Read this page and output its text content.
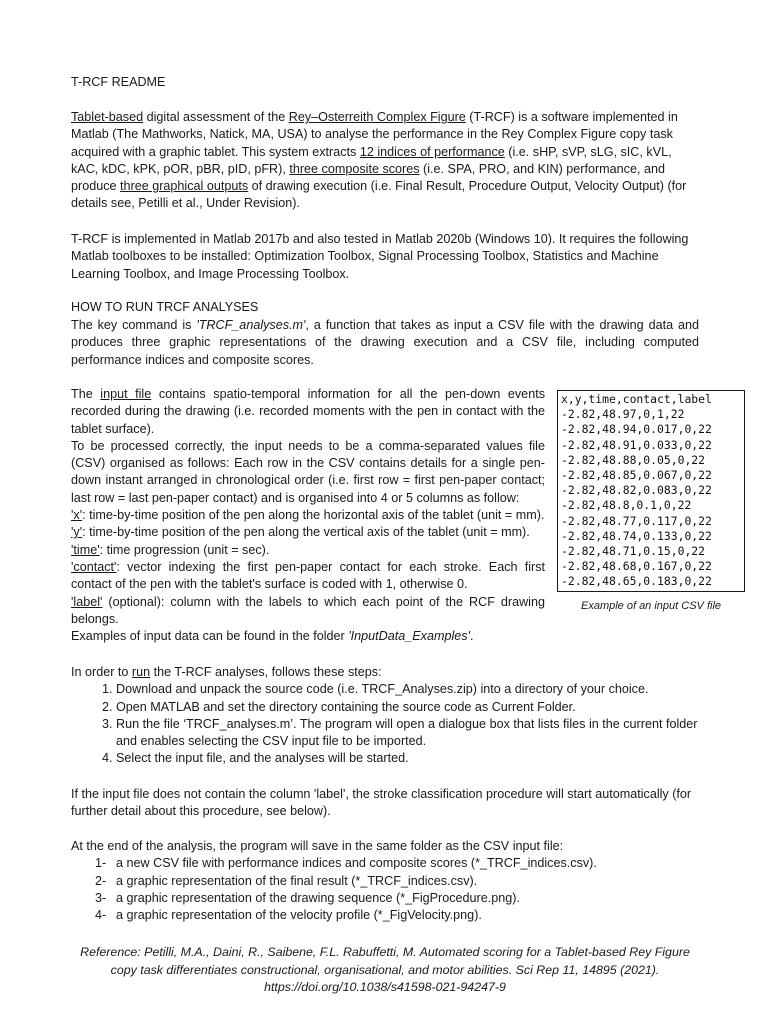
T-RCF README

Tablet-based digital assessment of the Rey–Osterreith Complex Figure (T-RCF) is a software implemented in Matlab (The Mathworks, Natick, MA, USA) to analyse the performance in the Rey Complex Figure copy task acquired with a graphic tablet. This system extracts 12 indices of performance (i.e. sHP, sVP, sLG, sIC, kVL, kAC, kDC, kPK, pOR, pBR, pID, pFR), three composite scores (i.e. SPA, PRO, and KIN) performance, and produce three graphical outputs of drawing execution (i.e. Final Result, Procedure Output, Velocity Output) (for details see, Petilli et al., Under Revision).

T-RCF is implemented in Matlab 2017b and also tested in Matlab 2020b (Windows 10). It requires the following Matlab toolboxes to be installed: Optimization Toolbox, Signal Processing Toolbox, Statistics and Machine Learning Toolbox, and Image Processing Toolbox.

HOW TO RUN TRCF ANALYSES

The key command is 'TRCF_analyses.m', a function that takes as input a CSV file with the drawing data and produces three graphic representations of the drawing execution and a CSV file, including computed performance indices and composite scores.

The input file contains spatio-temporal information for all the pen-down events recorded during the drawing (i.e. recorded moments with the pen in contact with the tablet surface).

To be processed correctly, the input needs to be a comma-separated values file (CSV) organised as follows: Each row in the CSV contains details for a single pen-down instant arranged in chronological order (i.e. first row = first pen-paper contact; last row = last pen-paper contact) and is organised into 4 or 5 columns as follow:

'x': time-by-time position of the pen along the horizontal axis of the tablet (unit = mm).

'y': time-by-time position of the pen along the vertical axis of the tablet (unit = mm).

'time': time progression (unit = sec).

'contact': vector indexing the first pen-paper contact for each stroke. Each first contact of the pen with the tablet's surface is coded with 1, otherwise 0.

'label' (optional): column with the labels to which each point of the RCF drawing belongs.

Examples of input data can be found in the folder 'InputData_Examples'.

x,y,time,contact,label
-2.82,48.97,0,1,22
-2.82,48.94,0.017,0,22
-2.82,48.91,0.033,0,22
-2.82,48.88,0.05,0,22
-2.82,48.85,0.067,0,22
-2.82,48.82,0.083,0,22
-2.82,48.8,0.1,0,22
-2.82,48.77,0.117,0,22
-2.82,48.74,0.133,0,22
-2.82,48.71,0.15,0,22
-2.82,48.68,0.167,0,22
-2.82,48.65,0.183,0,22
Example of an input CSV file

In order to run the T-RCF analyses, follows these steps:

1. Download and unpack the source code (i.e. TRCF_Analyses.zip) into a directory of your choice.
2. Open MATLAB and set the directory containing the source code as Current Folder.
3. Run the file ‘TRCF_analyses.m’. The program will open a dialogue box that lists files in the current folder and enables selecting the CSV input file to be imported.
4. Select the input file, and the analyses will be started.

If the input file does not contain the column 'label', the stroke classification procedure will start automatically (for further detail about this procedure, see below).

At the end of the analysis, the program will save in the same folder as the CSV input file:

1- a new CSV file with performance indices and composite scores (*_TRCF_indices.csv).
2- a graphic representation of the final result (*_TRCF_indices.csv).
3- a graphic representation of the drawing sequence (*_FigProcedure.png).
4- a graphic representation of the velocity profile (*_FigVelocity.png).
Reference: Petilli, M.A., Daini, R., Saibene, F.L. Rabuffetti, M. Automated scoring for a Tablet-based Rey Figure
copy task differentiates constructional, organisational, and motor abilities. Sci Rep 11, 14895 (2021).
https://doi.org/10.1038/s41598-021-94247-9
